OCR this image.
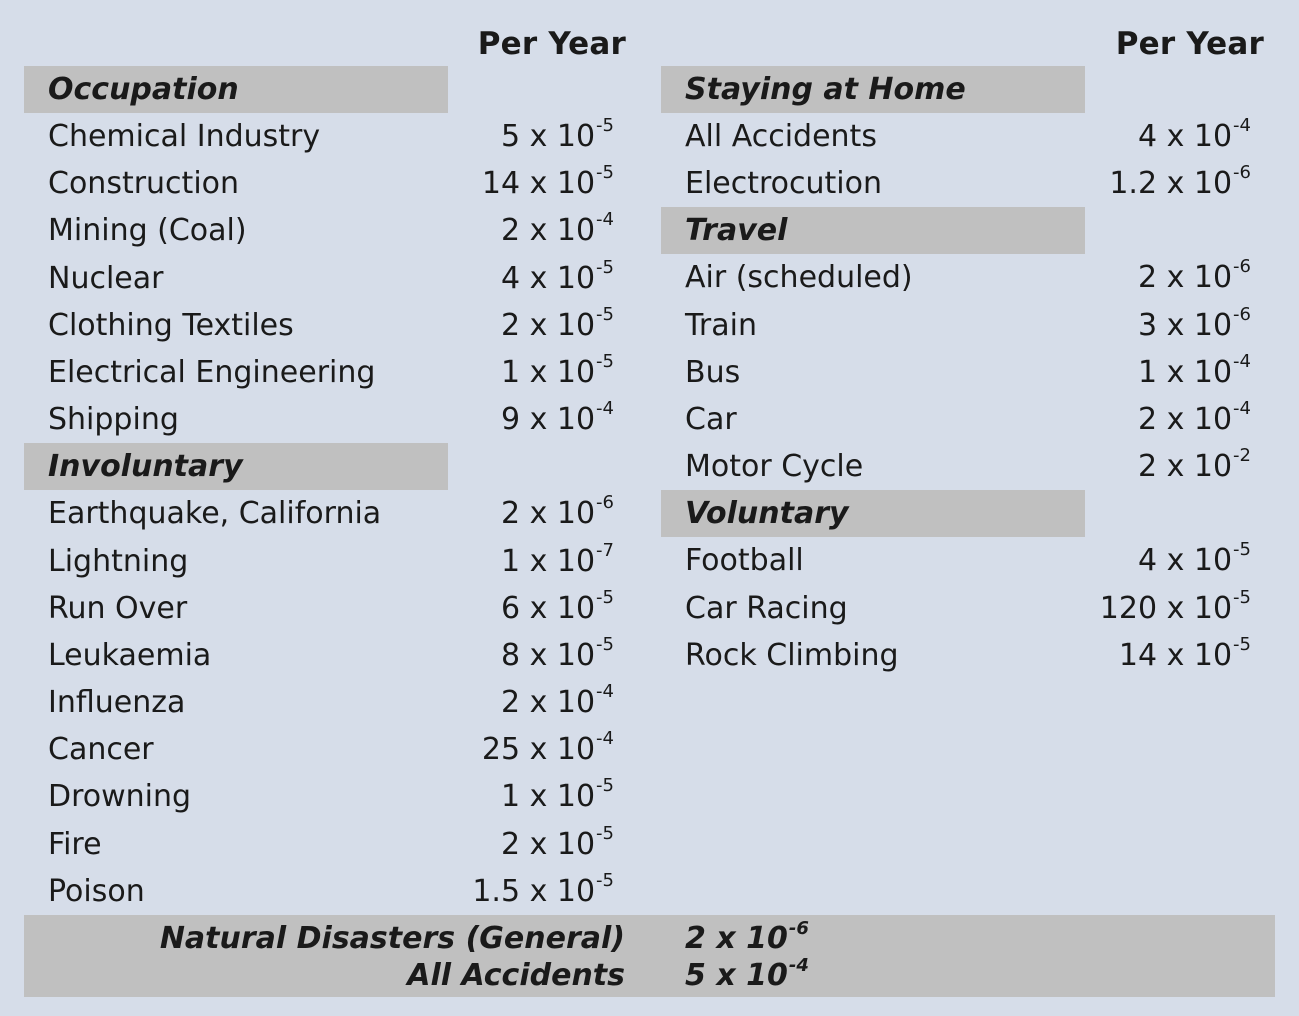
Per Year
Occupation
Chemical Industry	5 x $10^{-5}$
Construction	14 x $10^{-5}$
Mining (Coal)	2 x $10^{-4}$
Nuclear	4 x $10^{-5}$
Clothing Textiles	2 x $10^{-5}$
Electrical Engineering	1 x $10^{-5}$
Shipping	9 x $10^{-4}$
Involuntary
Earthquake, California	2 x $10^{-6}$
Lightning	1 x $10^{-7}$
Run Over	6 x $10^{-5}$
Leukaemia	8 x $10^{-5}$
Influenza	2 x $10^{-4}$
Cancer	25 x $10^{-4}$
Drowning	1 x $10^{-5}$
Fire	2 x $10^{-5}$
Poison	1.5 x $10^{-5}$
Per Year
Staying at Home
All Accidents	4 x $10^{-4}$
Electrocution	1.2 x $10^{-6}$
Travel
Air (scheduled)	2 x $10^{-6}$
Train	3 x $10^{-6}$
Bus	1 x $10^{-4}$
Car	2 x $10^{-4}$
Motor Cycle	2 x $10^{-2}$
Voluntary
Football	4 x $10^{-5}$
Car Racing	120 x $10^{-5}$
Rock Climbing	14 x $10^{-5}$
Natural Disasters (General) 2 x $10^{-6}$
All Accidents 5 x $10^{-4}$
